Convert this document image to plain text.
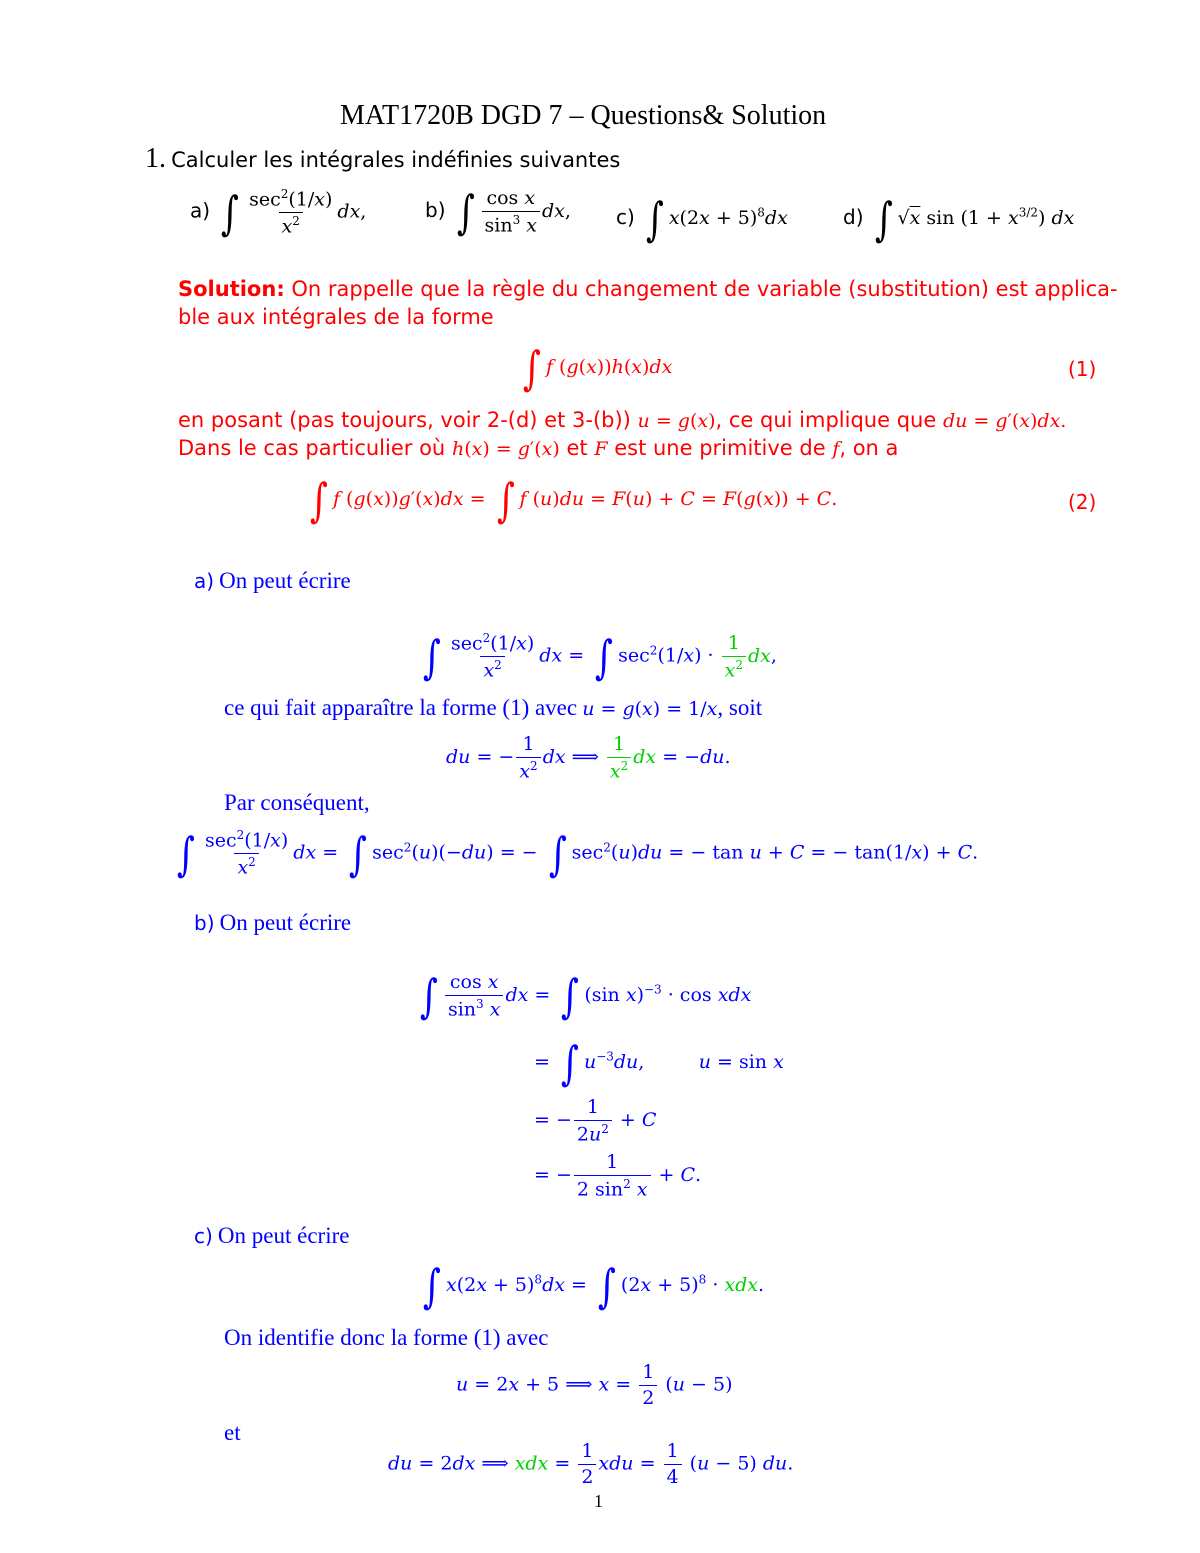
MAT1720B DGD 7 – Questions& Solution
1. Calculer les intégrales indéfinies suivantes
a) ∫ $\frac{\sec^2(1/x)}{x^2}$ dx,	b) ∫ $\frac{\text{cos x}}{\sin^3 x}$ dx, c) ∫ $x(2x + 5)^8dx$	d) ∫ √x $\sin (1 + x^{3/2})$ dx
Solution: On rappelle que la règle du changement de variable (substitution) est applica-
ble aux intégrales de la forme
∫ f (g(x))h(x)dx	(1)
en posant (pas toujours, voir 2-(d) et 3-(b)) u = g(x), ce qui implique que du = g′(x)dx.
Dans le cas particulier où h(x) = g′(x) et F est une primitive de f, on a
∫ f (g(x))g′(x)dx = ∫ f (u)du = F(u) + C = F(g(x)) + C.	(2)
a) On peut écrire
∫ $\frac{\sec^2(1/x)}{x^2}$ dx = ∫ $\sec^2(1/x) \cdot \frac{1}{x^2}$ dx,
ce qui fait apparaître la forme (1) avec u = g(x) = 1/x, soit
du = − $\frac{1}{x^2}$ dx ⟹ $\frac{1}{x^2}$ dx = −du.
Par conséquent,
∫ $\frac{\sec^2(1/x)}{x^2}$ dx = ∫ $\sec^2(u)(-du)$ = − ∫ $\sec^2(u)du$ = − tan u + C = − tan(1/x) + C.
b) On peut écrire
∫ $\frac{\text{cos x}}{\sin^3 x}$ dx = ∫ (sin x)$^{-3}$ · cos xdx
= ∫ $u^{-3}du$,         u = sin x
= − $\frac{1}{2u^2} + C$
= − $\frac{1}{2 \sin^2 x} + C$.
c) On peut écrire
∫ $x(2x + 5)^8dx$ = ∫ $(2x + 5)^8$ · xdx.
On identifie donc la forme (1) avec
u = 2x + 5 ⟹ $x = \frac{1}{2} (u - 5)$
et
du = 2dx ⟹ xdx = $\frac{1}{2}$ xdu = $\frac{1}{4} (u - 5)$ du.
1
